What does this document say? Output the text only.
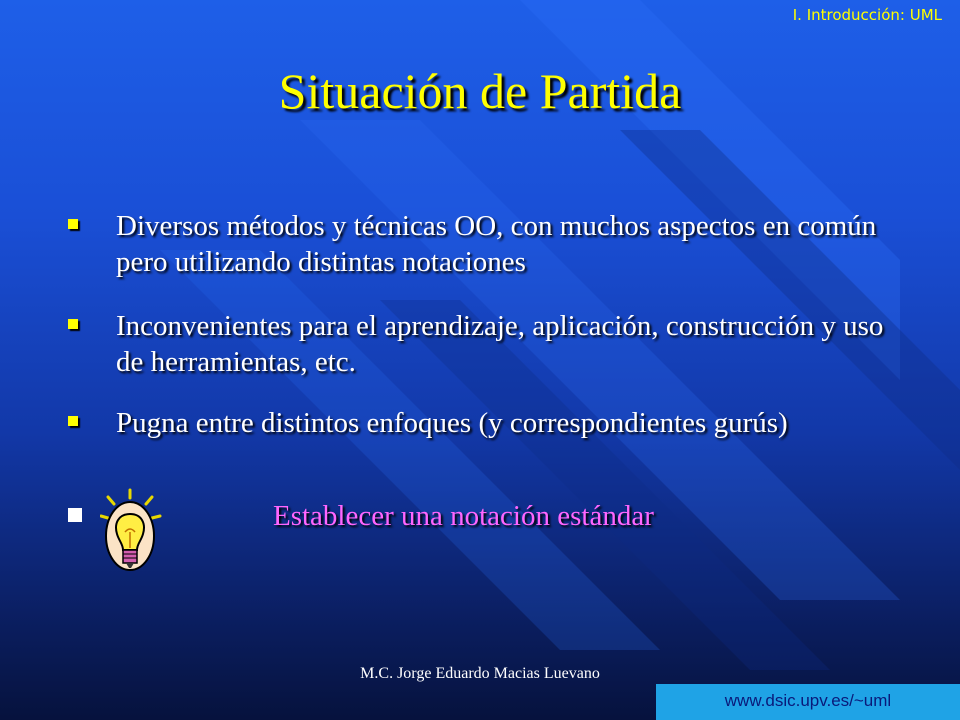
I. Introducción: UML
Situación de Partida
Diversos métodos y técnicas OO, con muchos aspectos en común pero utilizando distintas notaciones
Inconvenientes para el aprendizaje, aplicación, construcción y uso de herramientas, etc.
Pugna entre distintos enfoques (y correspondientes gurús)
Establecer una notación estándar
M.C. Jorge Eduardo Macias Luevano
www.dsic.upv.es/~uml
